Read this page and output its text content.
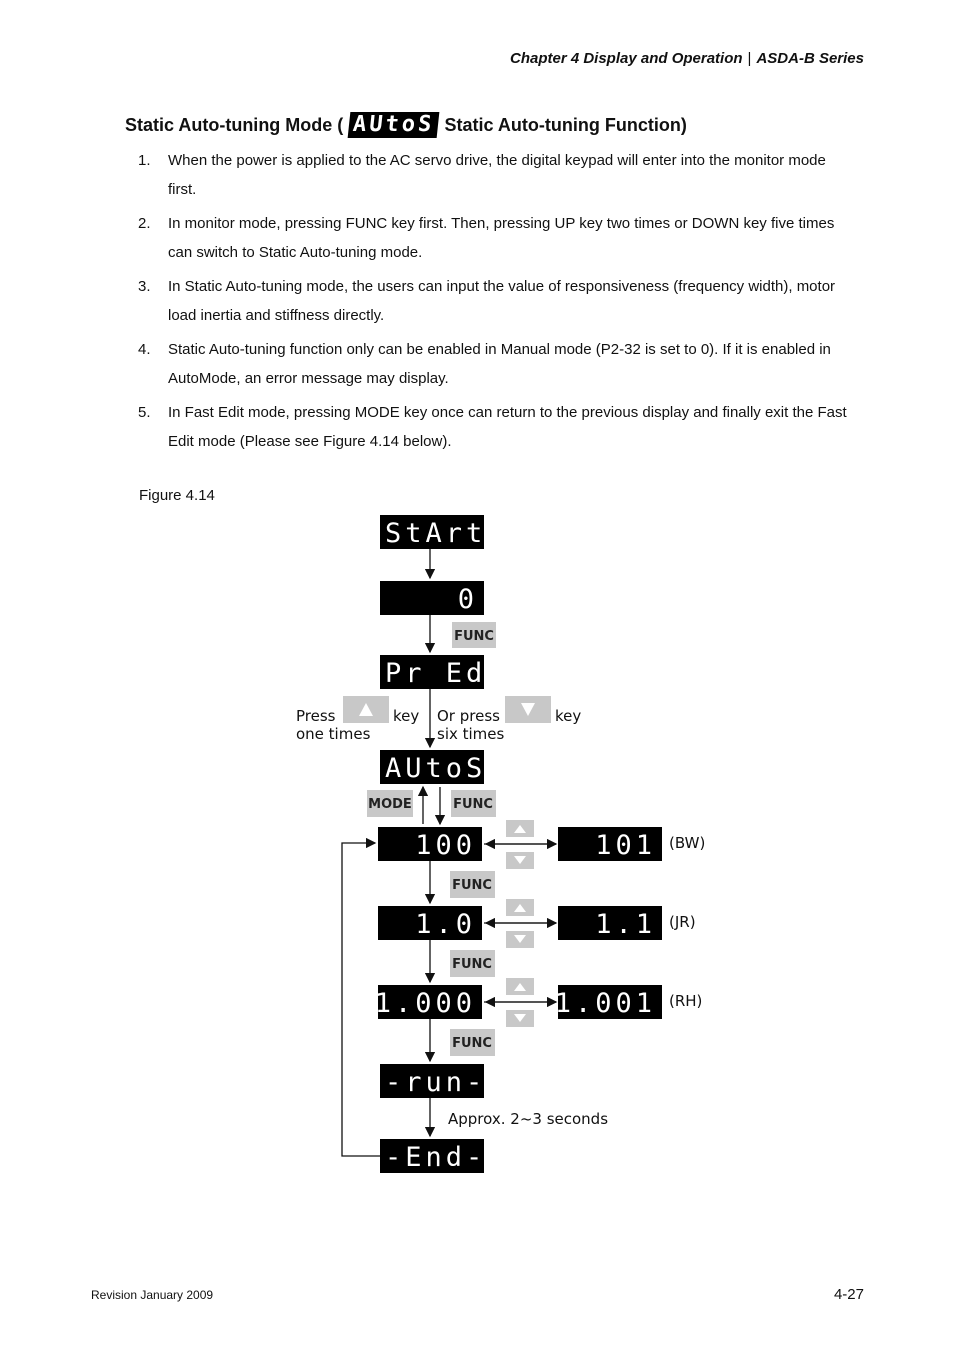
Chapter 4 Display and Operation | ASDA-B Series
Static Auto-tuning Mode ( AUtoS Static Auto-tuning Function)
1. When the power is applied to the AC servo drive, the digital keypad will enter into the monitor mode first.
2. In monitor mode, pressing FUNC key first. Then, pressing UP key two times or DOWN key five times can switch to Static Auto-tuning mode.
3. In Static Auto-tuning mode, the users can input the value of responsiveness (frequency width), motor load inertia and stiffness directly.
4. Static Auto-tuning function only can be enabled in Manual mode (P2-32 is set to 0). If it is enabled in AutoMode, an error message may display.
5. In Fast Edit mode, pressing MODE key once can return to the previous display and finally exit the Fast Edit mode (Please see Figure 4.14 below).
Figure 4.14
StArt
0
Pr Ed
AUtoS
100	101
1.0	1.1
1.000	1.001
-run-
-End-
FUNC
FUNC
MODE
FUNC
FUNC
FUNC
Press
one times
key Or press
six times
key
(BW)
(JR)
(RH)
Approx. 2~3 seconds
Revision January 2009	4-27
